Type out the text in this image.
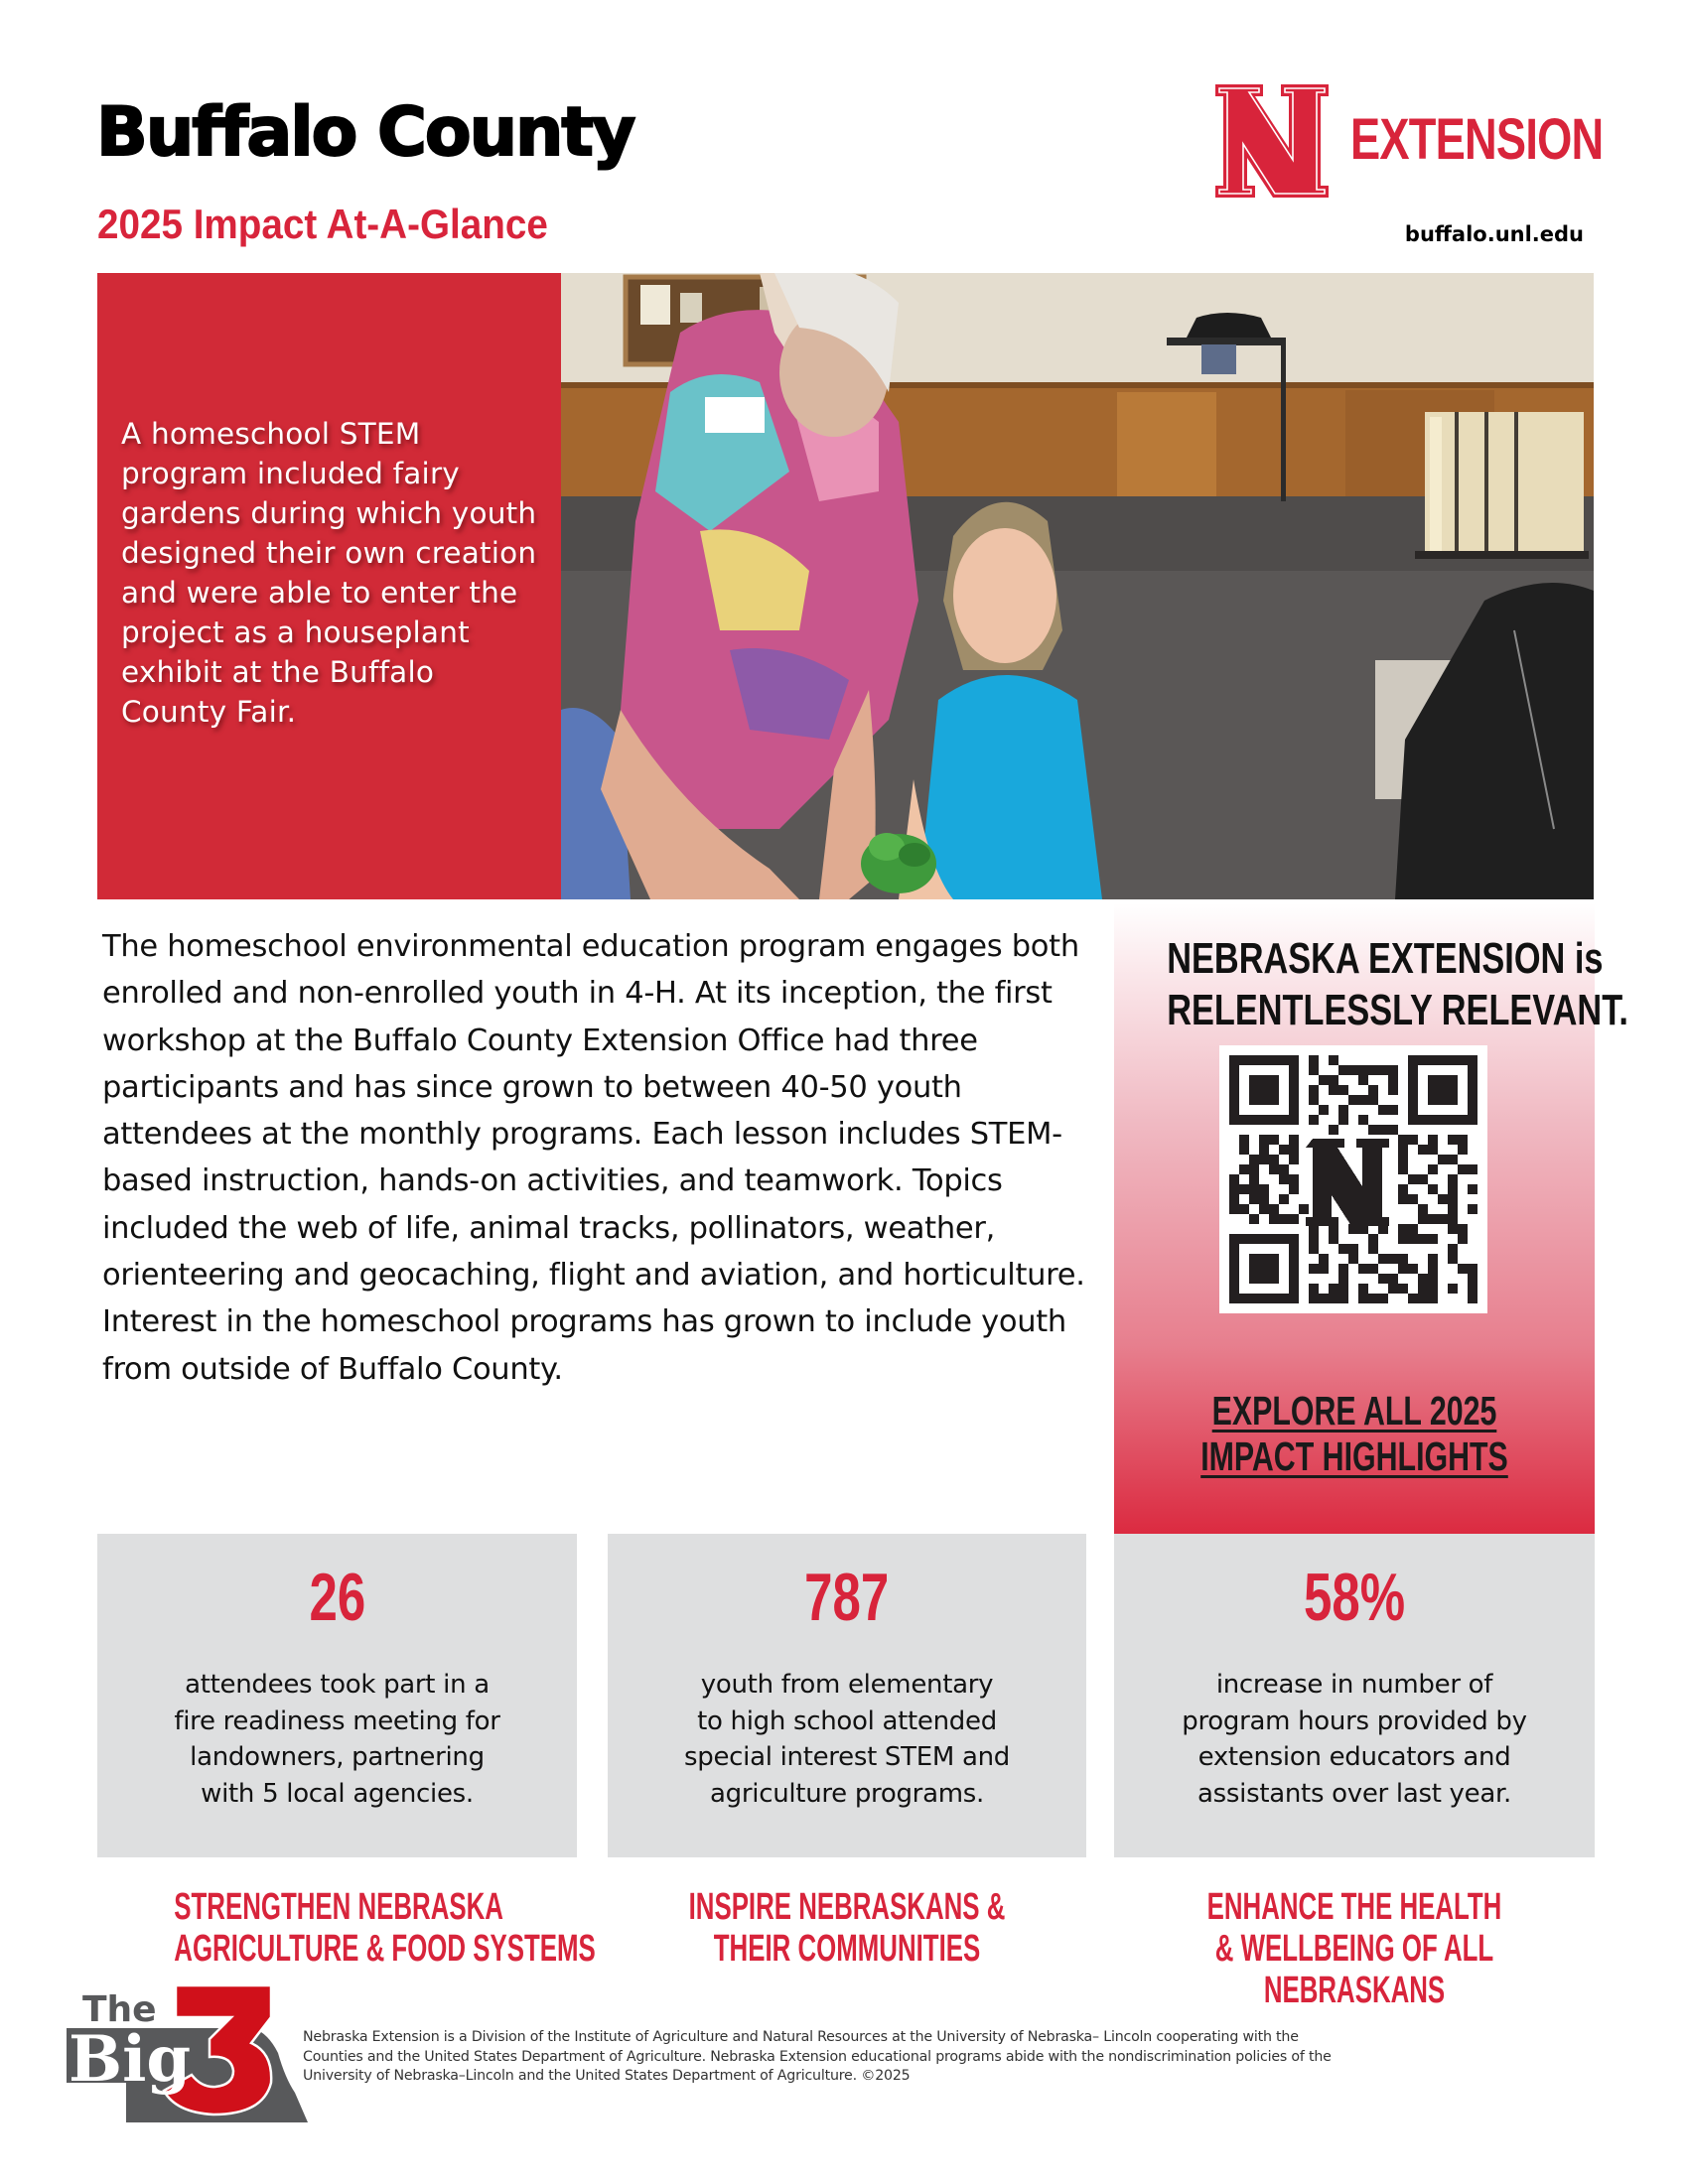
Buffalo County
2025 Impact At-A-Glance
EXTENSION
buffalo.unl.edu

A homeschool STEM program included fairy gardens during which youth designed their own creation and were able to enter the project as a houseplant exhibit at the Buffalo County Fair.

The homeschool environmental education program engages both enrolled and non-enrolled youth in 4-H. At its inception, the first workshop at the Buffalo County Extension Office had three participants and has since grown to between 40-50 youth attendees at the monthly programs. Each lesson includes STEM-based instruction, hands-on activities, and teamwork. Topics included the web of life, animal tracks, pollinators, weather, orienteering and geocaching, flight and aviation, and horticulture. Interest in the homeschool programs has grown to include youth from outside of Buffalo County.

NEBRASKA EXTENSION is
RELENTLESSLY RELEVANT.
EXPLORE ALL 2025
IMPACT HIGHLIGHTS
26
attendees took part in a
fire readiness meeting for
landowners, partnering
with 5 local agencies.
787
youth from elementary
to high school attended
special interest STEM and
agriculture programs.
58%
increase in number of
program hours provided by
extension educators and
assistants over last year.
STRENGTHEN NEBRASKA
AGRICULTURE & FOOD SYSTEMS
INSPIRE NEBRASKANS &
THEIR COMMUNITIES
ENHANCE THE HEALTH
& WELLBEING OF ALL
NEBRASKANS
The
Big	Nebraska Extension is a Division of the Institute of Agriculture and Natural Resources at the University of Nebraska– Lincoln cooperating with the
Counties and the United States Department of Agriculture. Nebraska Extension educational programs abide with the nondiscrimination policies of the
University of Nebraska–Lincoln and the United States Department of Agriculture. ©2025
